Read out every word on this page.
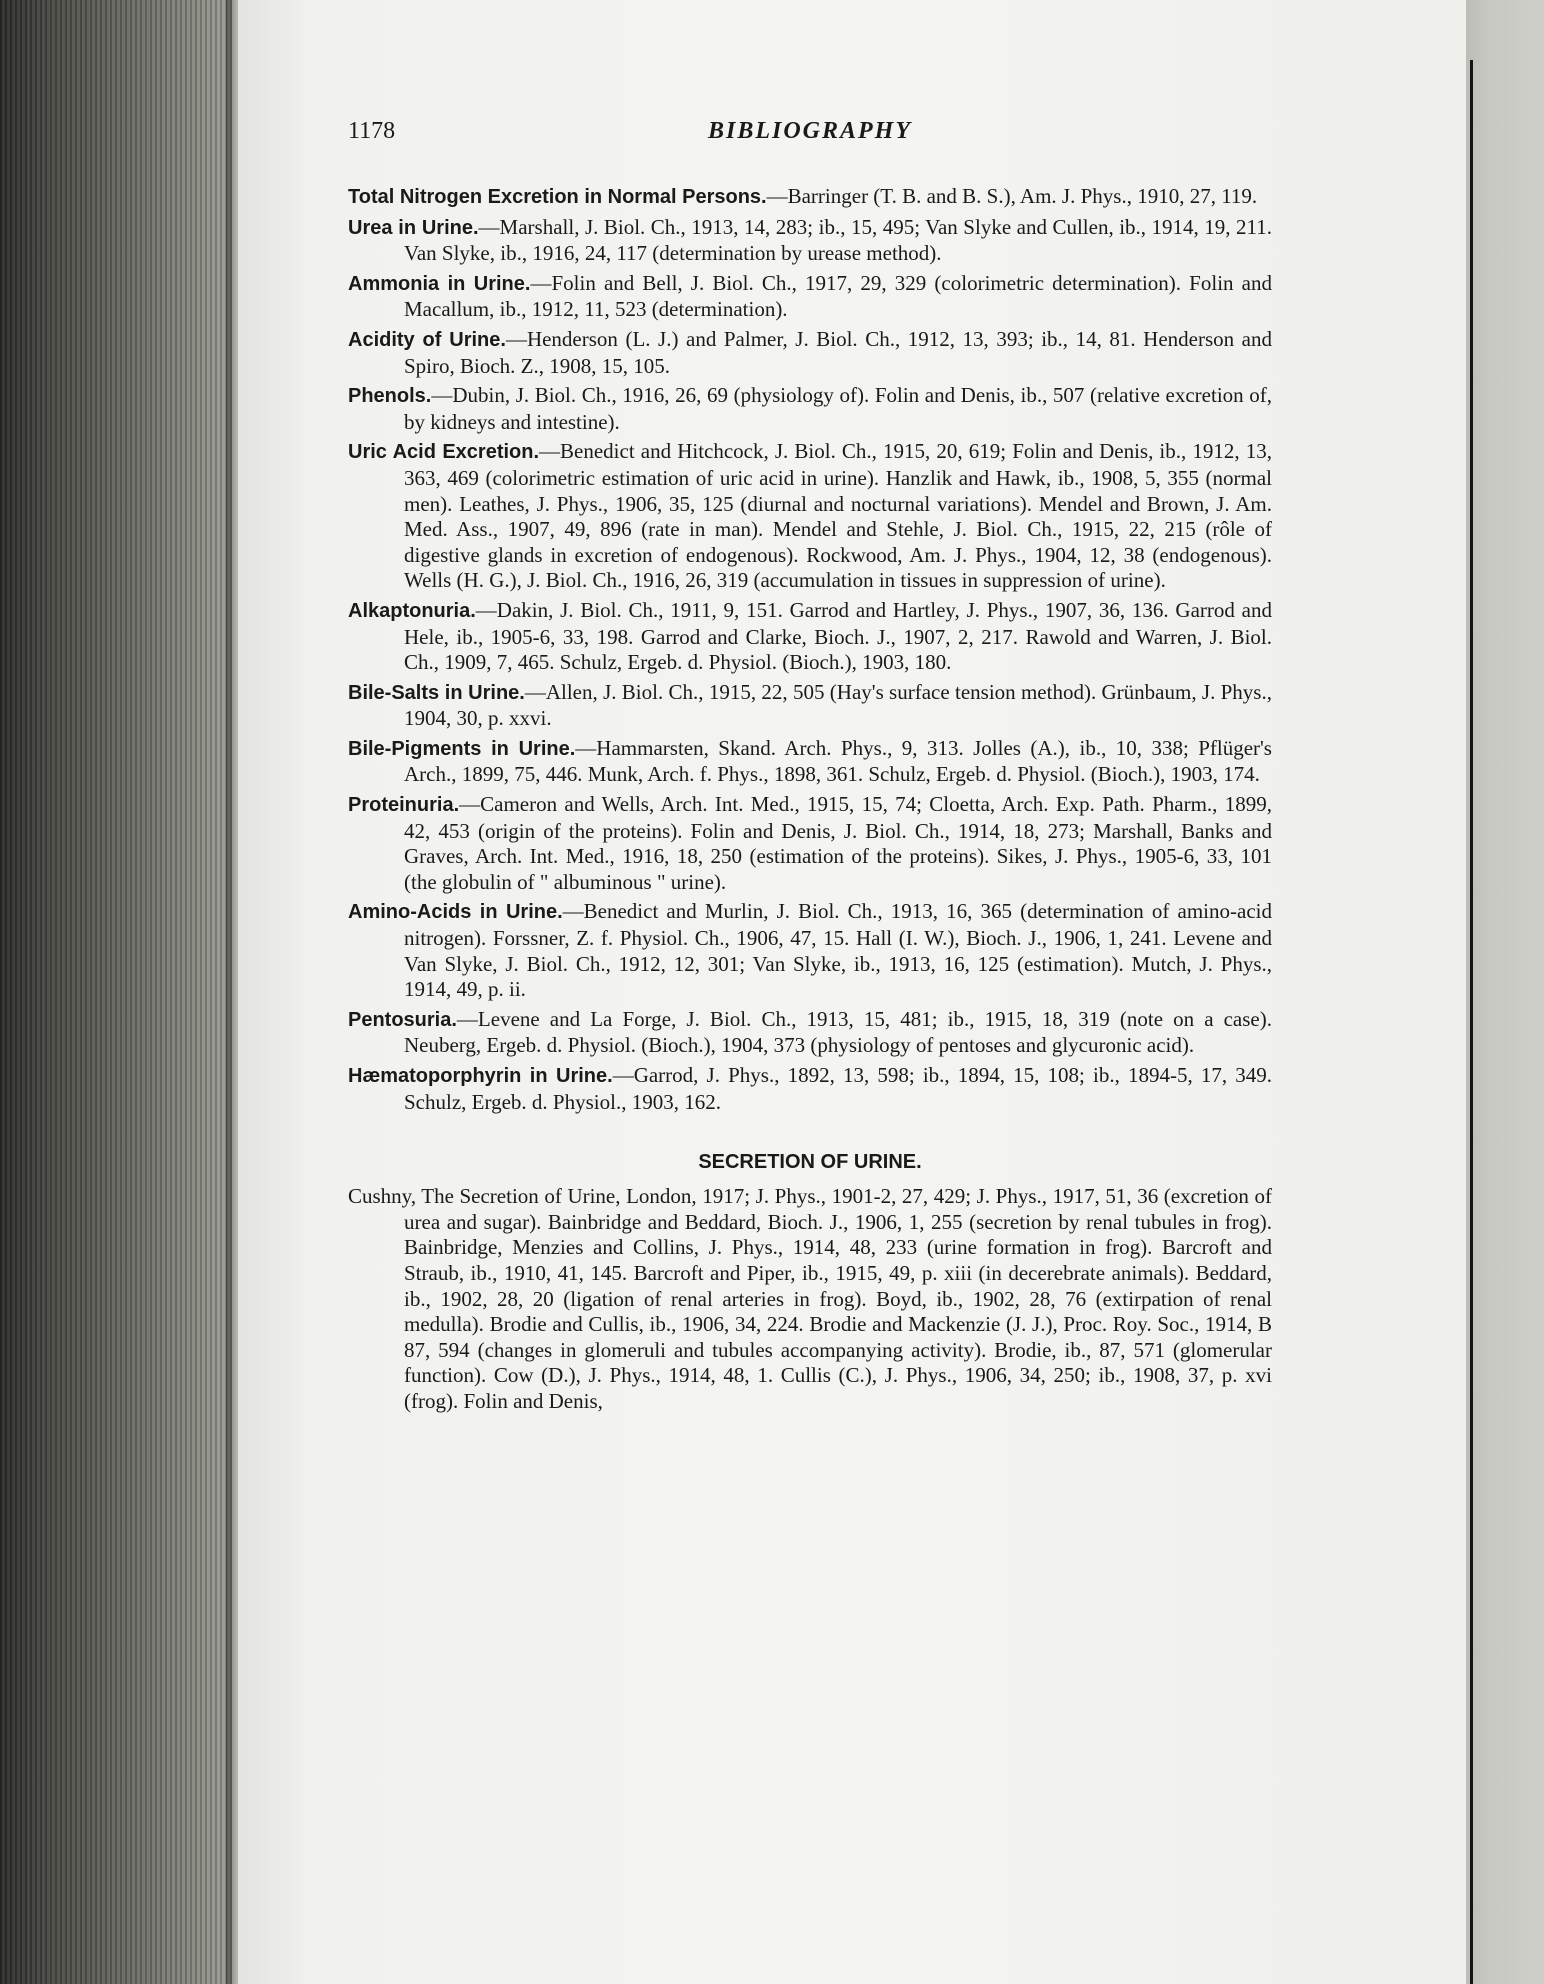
1178	BIBLIOGRAPHY

Total Nitrogen Excretion in Normal Persons.—Barringer (T. B. and B. S.), Am. J. Phys., 1910, 27, 119.

Urea in Urine.—Marshall, J. Biol. Ch., 1913, 14, 283; ib., 15, 495; Van Slyke and Cullen, ib., 1914, 19, 211. Van Slyke, ib., 1916, 24, 117 (determination by urease method).

Ammonia in Urine.—Folin and Bell, J. Biol. Ch., 1917, 29, 329 (colorimetric determination). Folin and Macallum, ib., 1912, 11, 523 (determination).

Acidity of Urine.—Henderson (L. J.) and Palmer, J. Biol. Ch., 1912, 13, 393; ib., 14, 81. Henderson and Spiro, Bioch. Z., 1908, 15, 105.

Phenols.—Dubin, J. Biol. Ch., 1916, 26, 69 (physiology of). Folin and Denis, ib., 507 (relative excretion of, by kidneys and intestine).

Uric Acid Excretion.—Benedict and Hitchcock, J. Biol. Ch., 1915, 20, 619; Folin and Denis, ib., 1912, 13, 363, 469 (colorimetric estimation of uric acid in urine). Hanzlik and Hawk, ib., 1908, 5, 355 (normal men). Leathes, J. Phys., 1906, 35, 125 (diurnal and nocturnal variations). Mendel and Brown, J. Am. Med. Ass., 1907, 49, 896 (rate in man). Mendel and Stehle, J. Biol. Ch., 1915, 22, 215 (rôle of digestive glands in excretion of endogenous). Rockwood, Am. J. Phys., 1904, 12, 38 (endogenous). Wells (H. G.), J. Biol. Ch., 1916, 26, 319 (accumulation in tissues in suppression of urine).

Alkaptonuria.—Dakin, J. Biol. Ch., 1911, 9, 151. Garrod and Hartley, J. Phys., 1907, 36, 136. Garrod and Hele, ib., 1905-6, 33, 198. Garrod and Clarke, Bioch. J., 1907, 2, 217. Rawold and Warren, J. Biol. Ch., 1909, 7, 465. Schulz, Ergeb. d. Physiol. (Bioch.), 1903, 180.

Bile-Salts in Urine.—Allen, J. Biol. Ch., 1915, 22, 505 (Hay's surface tension method). Grünbaum, J. Phys., 1904, 30, p. xxvi.

Bile-Pigments in Urine.—Hammarsten, Skand. Arch. Phys., 9, 313. Jolles (A.), ib., 10, 338; Pflüger's Arch., 1899, 75, 446. Munk, Arch. f. Phys., 1898, 361. Schulz, Ergeb. d. Physiol. (Bioch.), 1903, 174.

Proteinuria.—Cameron and Wells, Arch. Int. Med., 1915, 15, 74; Cloetta, Arch. Exp. Path. Pharm., 1899, 42, 453 (origin of the proteins). Folin and Denis, J. Biol. Ch., 1914, 18, 273; Marshall, Banks and Graves, Arch. Int. Med., 1916, 18, 250 (estimation of the proteins). Sikes, J. Phys., 1905-6, 33, 101 (the globulin of " albuminous " urine).

Amino-Acids in Urine.—Benedict and Murlin, J. Biol. Ch., 1913, 16, 365 (determination of amino-acid nitrogen). Forssner, Z. f. Physiol. Ch., 1906, 47, 15. Hall (I. W.), Bioch. J., 1906, 1, 241. Levene and Van Slyke, J. Biol. Ch., 1912, 12, 301; Van Slyke, ib., 1913, 16, 125 (estimation). Mutch, J. Phys., 1914, 49, p. ii.

Pentosuria.—Levene and La Forge, J. Biol. Ch., 1913, 15, 481; ib., 1915, 18, 319 (note on a case). Neuberg, Ergeb. d. Physiol. (Bioch.), 1904, 373 (physiology of pentoses and glycuronic acid).

Hæmatoporphyrin in Urine.—Garrod, J. Phys., 1892, 13, 598; ib., 1894, 15, 108; ib., 1894-5, 17, 349. Schulz, Ergeb. d. Physiol., 1903, 162.

SECRETION OF URINE.

Cushny, The Secretion of Urine, London, 1917; J. Phys., 1901-2, 27, 429; J. Phys., 1917, 51, 36 (excretion of urea and sugar). Bainbridge and Beddard, Bioch. J., 1906, 1, 255 (secretion by renal tubules in frog). Bainbridge, Menzies and Collins, J. Phys., 1914, 48, 233 (urine formation in frog). Barcroft and Straub, ib., 1910, 41, 145. Barcroft and Piper, ib., 1915, 49, p. xiii (in decerebrate animals). Beddard, ib., 1902, 28, 20 (ligation of renal arteries in frog). Boyd, ib., 1902, 28, 76 (extirpation of renal medulla). Brodie and Cullis, ib., 1906, 34, 224. Brodie and Mackenzie (J. J.), Proc. Roy. Soc., 1914, B 87, 594 (changes in glomeruli and tubules accompanying activity). Brodie, ib., 87, 571 (glomerular function). Cow (D.), J. Phys., 1914, 48, 1. Cullis (C.), J. Phys., 1906, 34, 250; ib., 1908, 37, p. xvi (frog). Folin and Denis,
